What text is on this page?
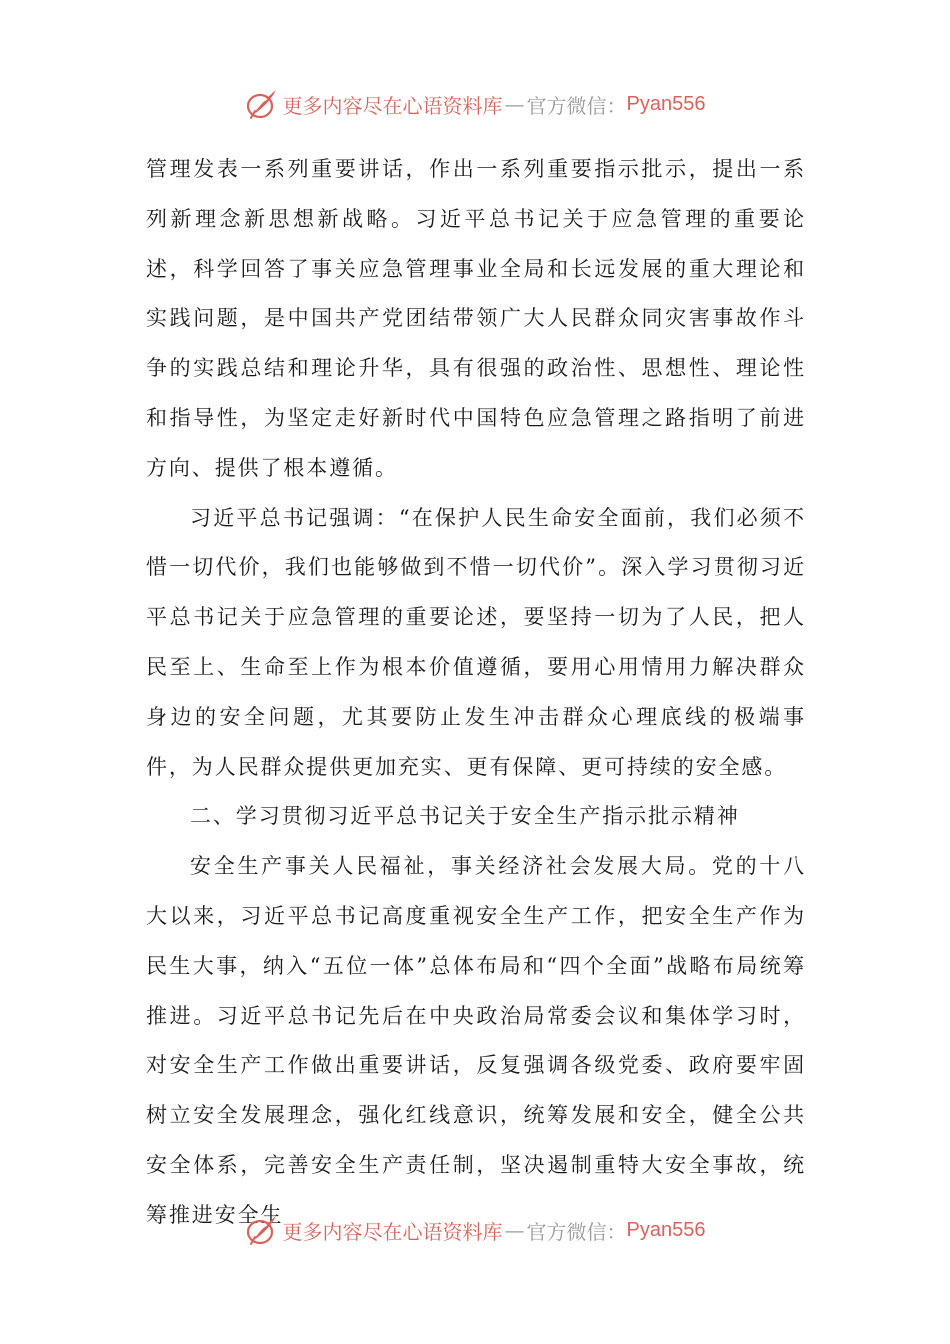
更多内容尽在心语资料库 — 官方微信： Pyan556

管理发表一系列重要讲话，作出一系列重要指示批示，提出一系列新理念新思想新战略。习近平总书记关于应急管理的重要论述，科学回答了事关应急管理事业全局和长远发展的重大理论和实践问题，是中国共产党团结带领广大人民群众同灾害事故作斗争的实践总结和理论升华，具有很强的政治性、思想性、理论性和指导性，为坚定走好新时代中国特色应急管理之路指明了前进方向、提供了根本遵循。

习近平总书记强调：“在保护人民生命安全面前，我们必须不惜一切代价，我们也能够做到不惜一切代价”。深入学习贯彻习近平总书记关于应急管理的重要论述，要坚持一切为了人民，把人民至上、生命至上作为根本价值遵循，要用心用情用力解决群众身边的安全问题，尤其要防止发生冲击群众心理底线的极端事件，为人民群众提供更加充实、更有保障、更可持续的安全感。

二、学习贯彻习近平总书记关于安全生产指示批示精神

安全生产事关人民福祉，事关经济社会发展大局。党的十八大以来，习近平总书记高度重视安全生产工作，把安全生产作为民生大事，纳入“五位一体”总体布局和“四个全面”战略布局统筹推进。习近平总书记先后在中央政治局常委会议和集体学习时，对安全生产工作做出重要讲话，反复强调各级党委、政府要牢固树立安全发展理念，强化红线意识，统筹发展和安全，健全公共安全体系，完善安全生产责任制，坚决遏制重特大安全事故，统筹推进安全生

更多内容尽在心语资料库 — 官方微信： Pyan556
